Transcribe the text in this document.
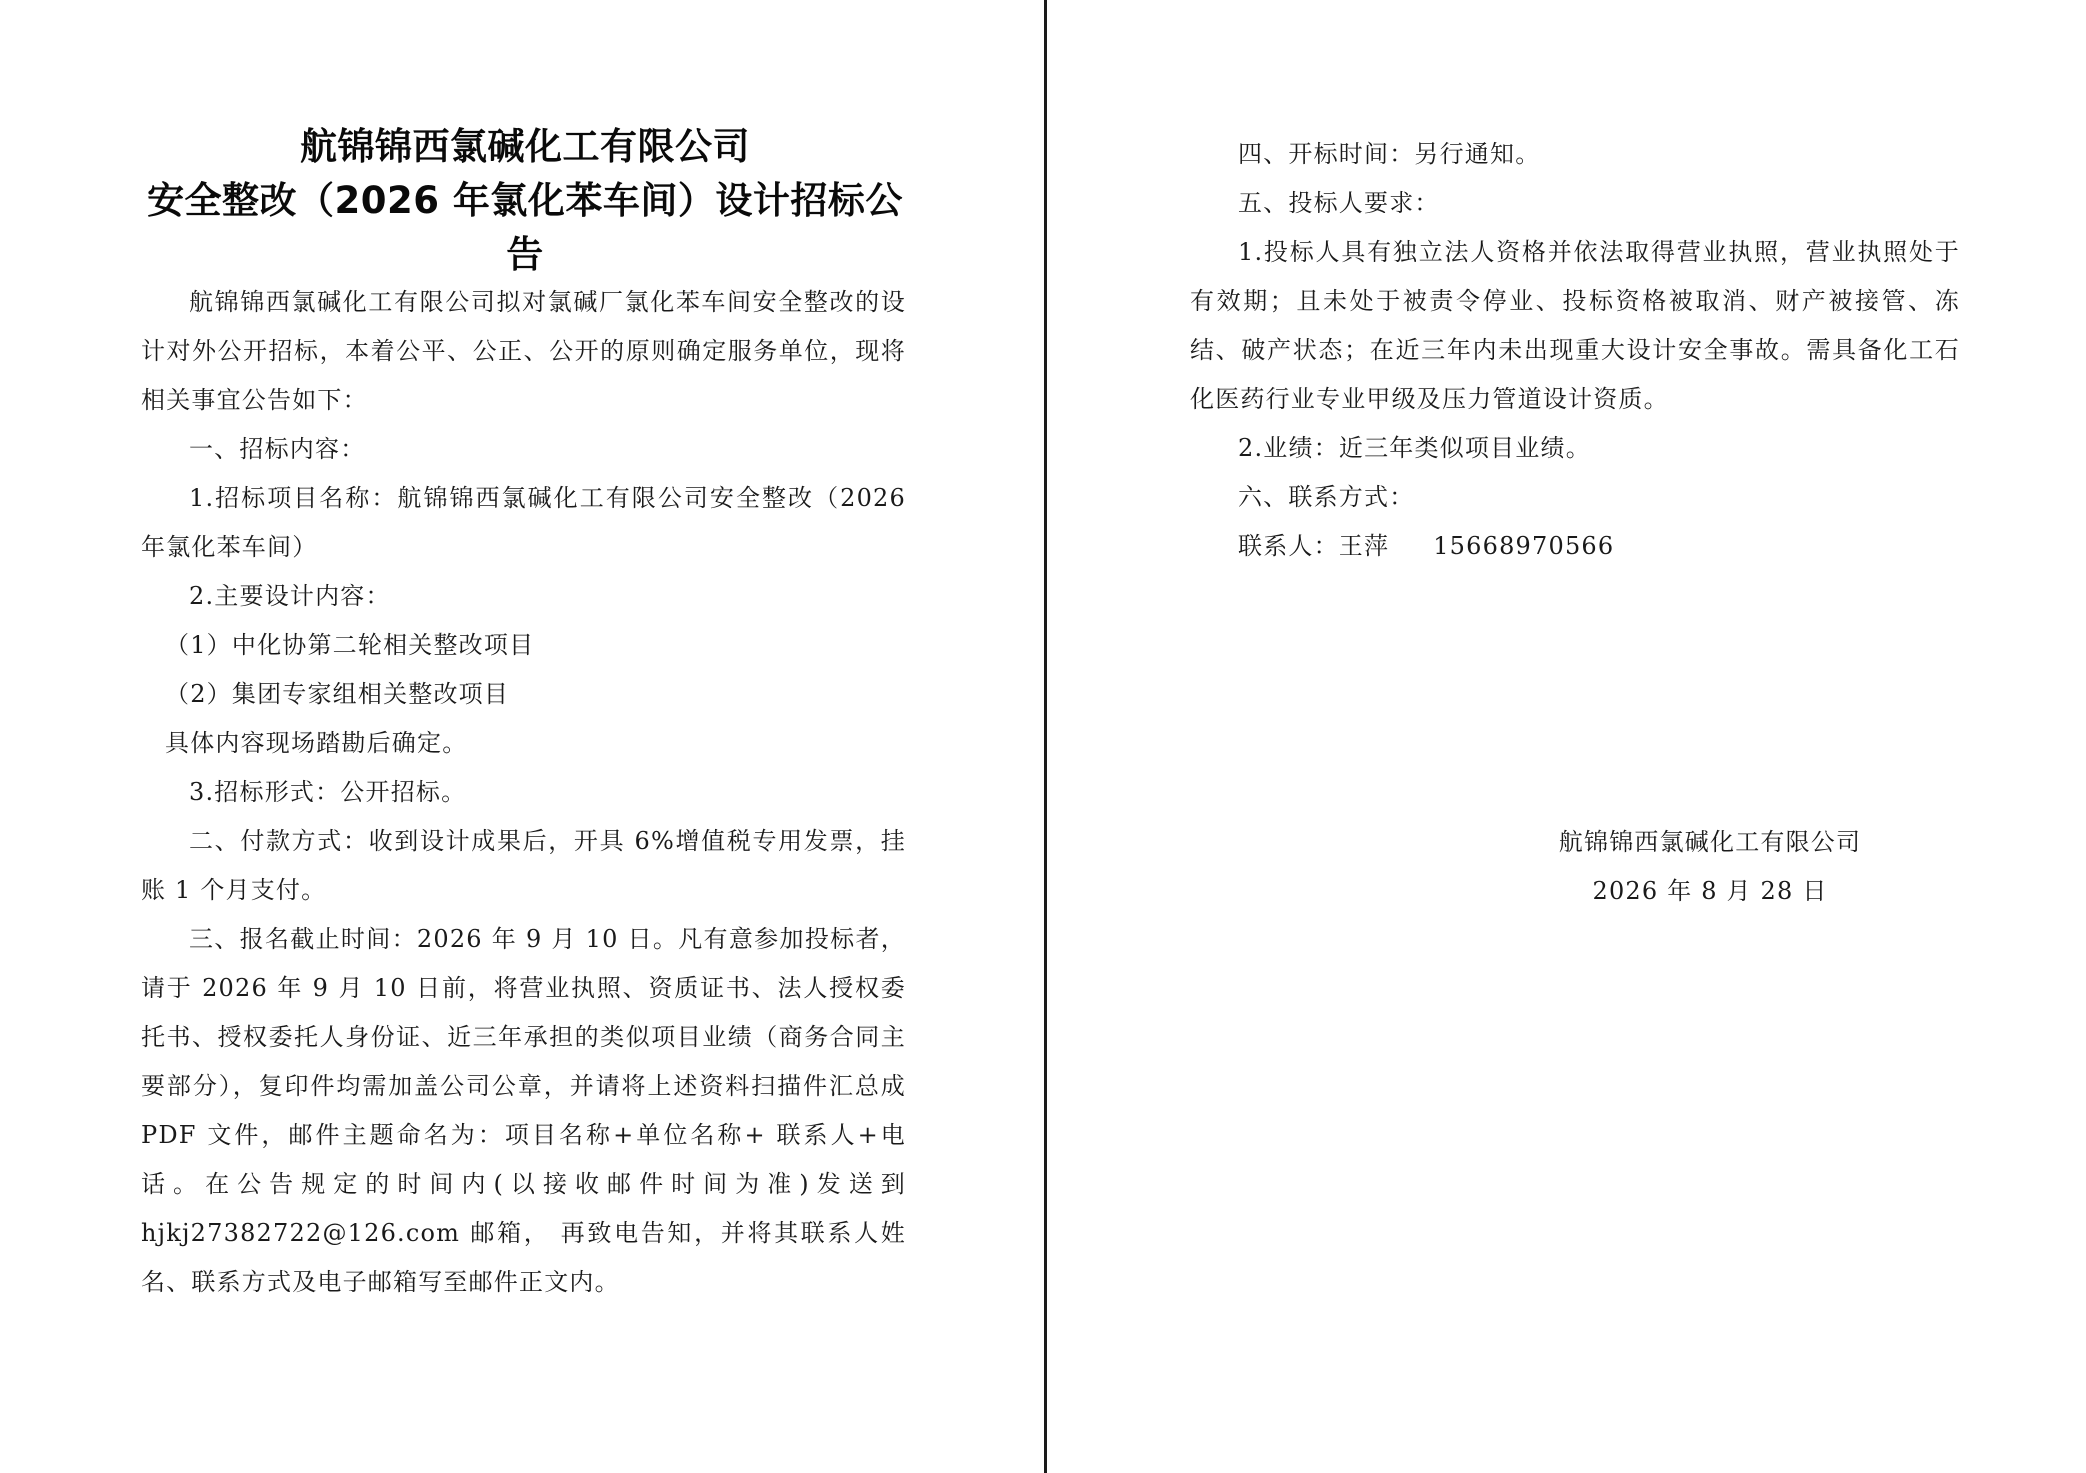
航锦锦西氯碱化工有限公司
安全整改（2026 年氯化苯车间）设计招标公告

航锦锦西氯碱化工有限公司拟对氯碱厂氯化苯车间安全整改的设计对外公开招标，本着公平、公正、公开的原则确定服务单位，现将相关事宜公告如下：

一、招标内容：

1.招标项目名称：航锦锦西氯碱化工有限公司安全整改（2026 年氯化苯车间）

2.主要设计内容：

（1）中化协第二轮相关整改项目

（2）集团专家组相关整改项目

具体内容现场踏勘后确定。

3.招标形式：公开招标。

二、付款方式：收到设计成果后，开具 6%增值税专用发票，挂账 1 个月支付。

三、报名截止时间：2026 年 9 月 10 日。凡有意参加投标者，请于 2026 年 9 月 10 日前，将营业执照、资质证书、法人授权委托书、授权委托人身份证、近三年承担的类似项目业绩（商务合同主要部分），复印件均需加盖公司公章，并请将上述资料扫描件汇总成 PDF 文件，邮件主题命名为：项目名称+单位名称+ 联系人+电话。在公告规定的时间内(以接收邮件时间为准)发送到 hjkj27382722@126.com 邮箱， 再致电告知，并将其联系人姓名、联系方式及电子邮箱写至邮件正文内。

四、开标时间：另行通知。

五、投标人要求：

1.投标人具有独立法人资格并依法取得营业执照，营业执照处于有效期；且未处于被责令停业、投标资格被取消、财产被接管、冻结、破产状态；在近三年内未出现重大设计安全事故。需具备化工石化医药行业专业甲级及压力管道设计资质。

2.业绩：近三年类似项目业绩。

六、联系方式：

联系人：王萍 15668970566

航锦锦西氯碱化工有限公司
2026 年 8 月 28 日
